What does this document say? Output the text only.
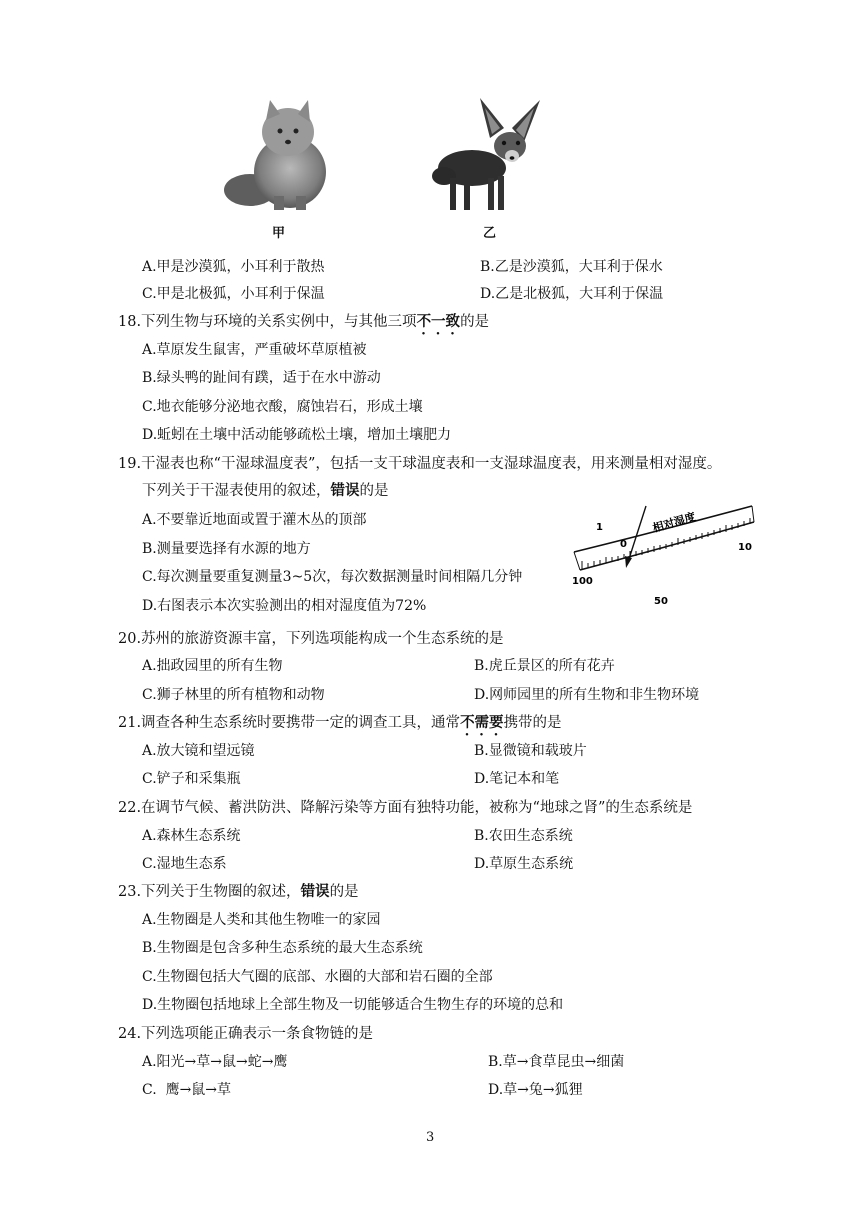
甲	乙
A.甲是沙漠狐，小耳利于散热	B.乙是沙漠狐，大耳利于保水
C.甲是北极狐，小耳利于保温	D.乙是北极狐，大耳利于保温
18.下列生物与环境的关系实例中，与其他三项不一致的是
A.草原发生鼠害，严重破坏草原植被
B.绿头鸭的趾间有蹼，适于在水中游动
C.地衣能够分泌地衣酸，腐蚀岩石，形成土壤
D.蚯蚓在土壤中活动能够疏松土壤，增加土壤肥力
19.干湿表也称“干湿球温度表”，包括一支干球温度表和一支湿球温度表，用来测量相对湿度。
下列关于干湿表使用的叙述，错误的是
A.不要靠近地面或置于灌木丛的顶部
B.测量要选择有水源的地方
C.每次测量要重复测量3~5次，每次数据测量时间相隔几分钟
D.右图表示本次实验测出的相对湿度值为72%
相对湿度
1
0
100
50
10
20.苏州的旅游资源丰富，下列选项能构成一个生态系统的是
A.拙政园里的所有生物	B.虎丘景区的所有花卉
C.狮子林里的所有植物和动物	D.网师园里的所有生物和非生物环境
21.调查各种生态系统时要携带一定的调查工具，通常不需要携带的是
A.放大镜和望远镜	B.显微镜和载玻片
C.铲子和采集瓶	D.笔记本和笔
22.在调节气候、蓄洪防洪、降解污染等方面有独特功能，被称为“地球之肾”的生态系统是
A.森林生态系统	B.农田生态系统
C.湿地生态系	D.草原生态系统
23.下列关于生物圈的叙述，错误的是
A.生物圈是人类和其他生物唯一的家园
B.生物圈是包含多种生态系统的最大生态系统
C.生物圈包括大气圈的底部、水圈的大部和岩石圈的全部
D.生物圈包括地球上全部生物及一切能够适合生物生存的环境的总和
24.下列选项能正确表示一条食物链的是
A.阳光→草→鼠→蛇→鹰	B.草→食草昆虫→细菌
C.  鹰→鼠→草	D.草→兔→狐狸
3
